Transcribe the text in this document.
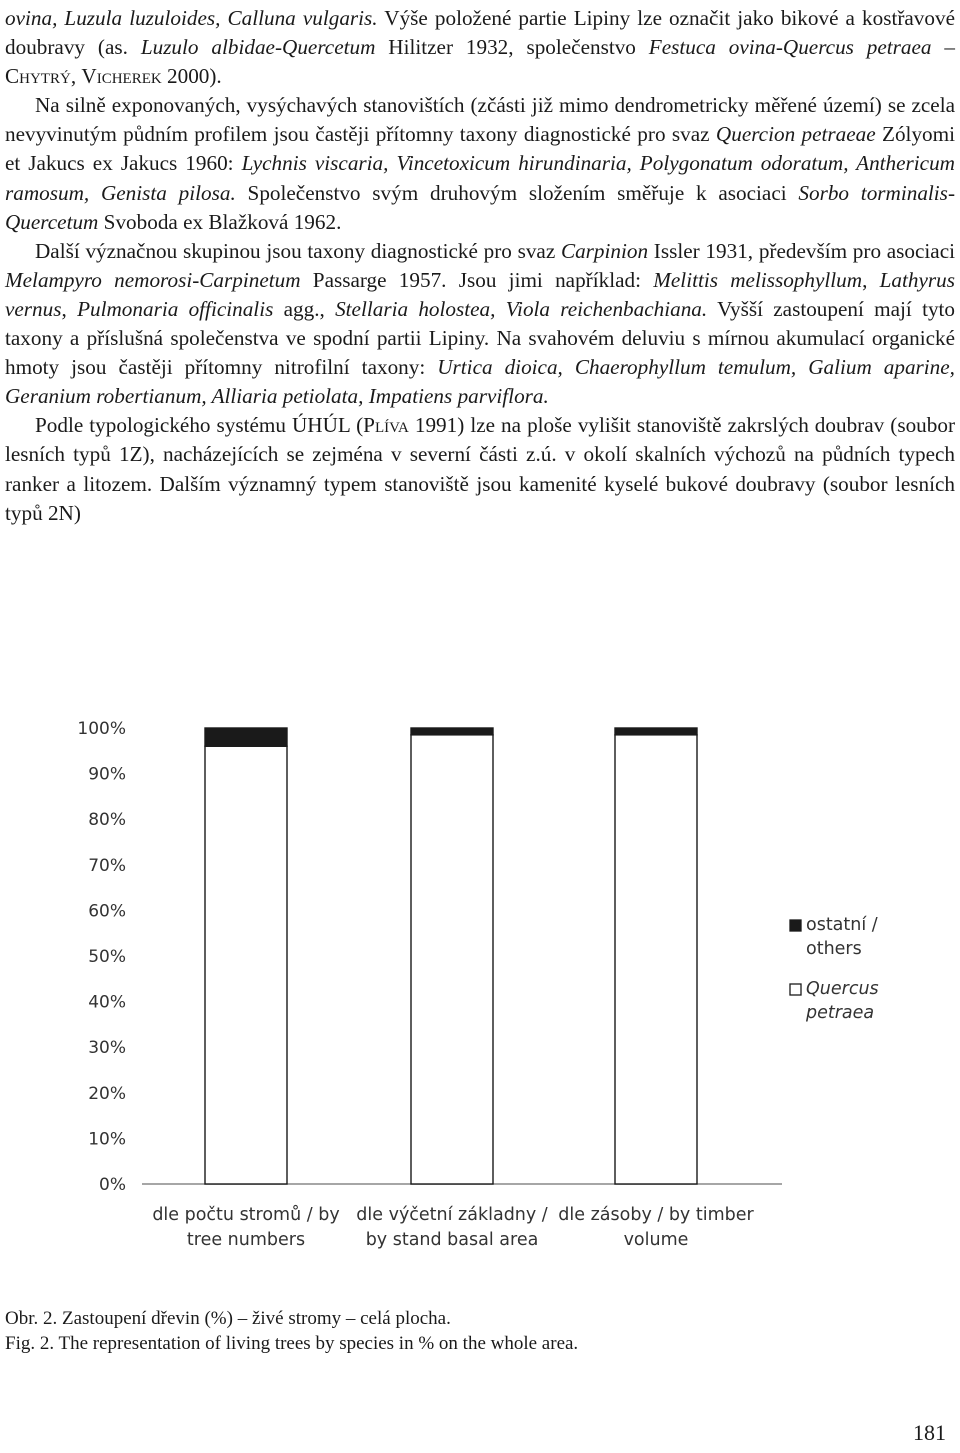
ovina, Luzula luzuloides, Calluna vulgaris. Výše položené partie Lipiny lze označit jako bikové a kostřavové doubravy (as. Luzulo albidae-Quercetum Hilitzer 1932, společenstvo Festuca ovina-Quercus petraea – Chytrý, Vicherek 2000).

Na silně exponovaných, vysýchavých stanovištích (zčásti již mimo dendrometricky měřené území) se zcela nevyvinutým půdním profilem jsou častěji přítomny taxony diagnostické pro svaz Quercion petraeae Zólyomi et Jakucs ex Jakucs 1960: Lychnis viscaria, Vincetoxicum hirundinaria, Polygonatum odoratum, Anthericum ramosum, Genista pilosa. Společenstvo svým druhovým složením směřuje k asociaci Sorbo torminalis-Quercetum Svoboda ex Blažková 1962.

Další význačnou skupinou jsou taxony diagnostické pro svaz Carpinion Issler 1931, především pro asociaci Melampyro nemorosi-Carpinetum Passarge 1957. Jsou jimi například: Melittis melissophyllum, Lathyrus vernus, Pulmonaria officinalis agg., Stellaria holostea, Viola reichenbachiana. Vyšší zastoupení mají tyto taxony a příslušná společenstva ve spodní partii Lipiny. Na svahovém deluviu s mírnou akumulací organické hmoty jsou častěji přítomny nitrofilní taxony: Urtica dioica, Chaerophyllum temulum, Galium aparine, Geranium robertianum, Alliaria petiolata, Impatiens parviflora.

Podle typologického systému ÚHÚL (Plíva 1991) lze na ploše vylišit stanoviště zakrslých doubrav (soubor lesních typů 1Z), nacházejících se zejména v severní části z.ú. v okolí skalních výchozů na půdních typech ranker a litozem. Dalším významný typem stanoviště jsou kamenité kyselé bukové doubravy (soubor lesních typů 2N)

0%
10%
20%
30%
40%
50%
60%
70%
80%
90%
100%
dle počtu stromů / by
tree numbers
dle výčetní základny /
by stand basal area
dle zásoby / by timber
volume
ostatní /
others
Quercus
petraea

Obr. 2. Zastoupení dřevin (%) – živé stromy – celá plocha.

Fig. 2. The representation of living trees by species in % on the whole area.

181
